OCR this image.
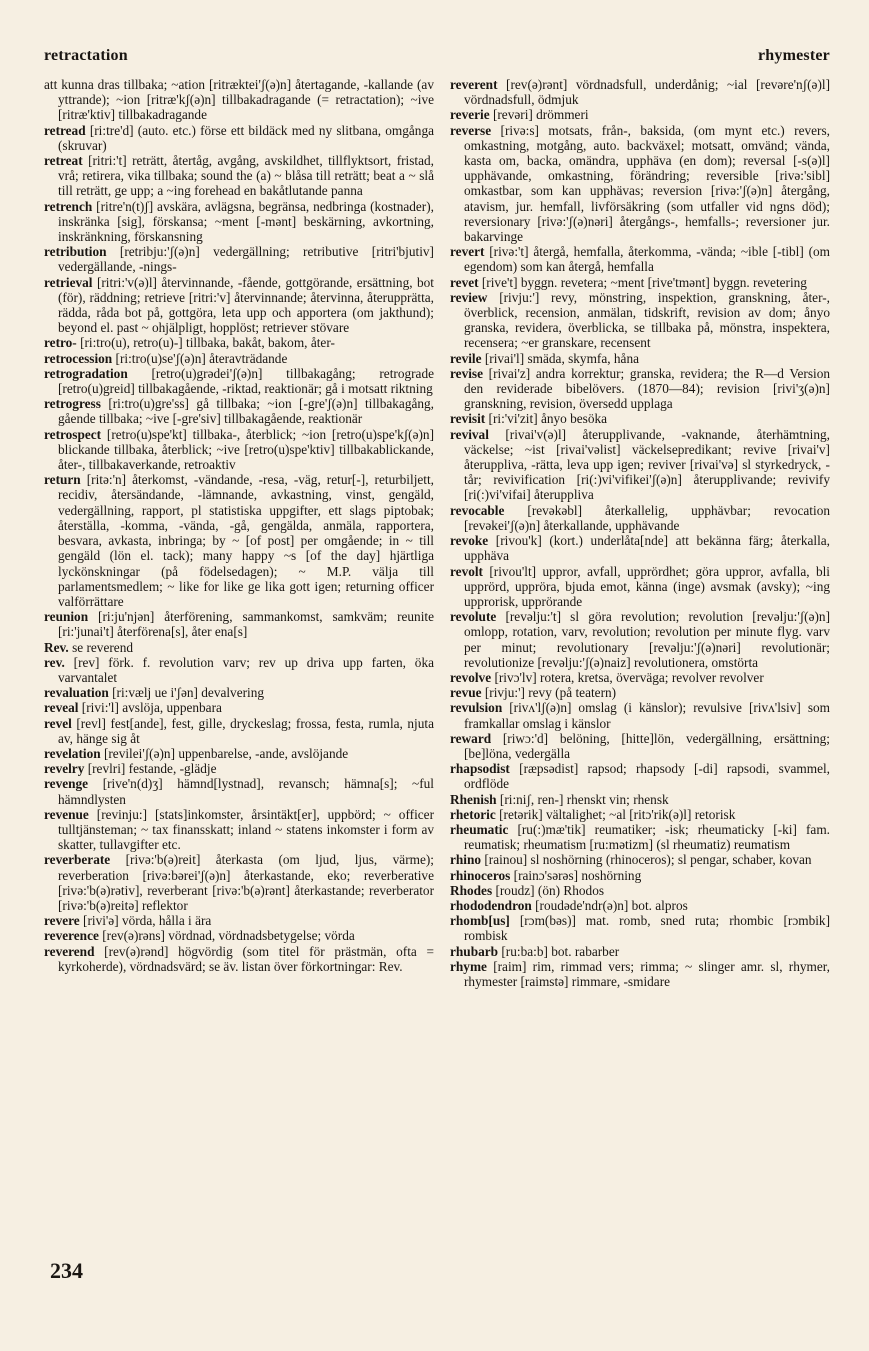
retractation	rhymester
att kunna dras tillbaka; ~ation [ritræktei'ʃ(ə)n] återtagande, -kallande (av yttrande); ~ion [ritræ'kʃ(ə)n] tillbakadragande (= retractation); ~ive [ritræ'ktiv] tillbakadragande
retread [ri:tre'd] (auto. etc.) förse ett bildäck med ny slitbana, omgånga (skruvar)
retreat [ritri:'t] reträtt, återtåg, avgång, avskildhet, tillflyktsort, fristad, vrå; retirera, vika tillbaka; sound the (a) ~ blåsa till reträtt; beat a ~ slå till reträtt, ge upp; a ~ing forehead en bakåtlutande panna
retrench [ritre'n(t)ʃ] avskära, avlägsna, begränsa, nedbringa (kostnader), inskränka [sig], förskansa; ~ment [-mənt] beskärning, avkortning, inskränkning, förskansning
retribution [retribju:'ʃ(ə)n] vedergällning; retributive [ritri'bjutiv] vedergällande, -nings-
retrieval [ritri:'v(ə)l] återvinnande, -fående, gottgörande, ersättning, bot (för), räddning; retrieve [ritri:'v] återvinnande; återvinna, återupprätta, rädda, råda bot på, gottgöra, leta upp och apportera (om jakthund); beyond el. past ~ ohjälpligt, hopplöst; retriever stövare
retro- [ri:tro(u), retro(u)-] tillbaka, bakåt, bakom, åter-
retrocession [ri:tro(u)se'ʃ(ə)n] återavträdande
retrogradation [retro(u)grədei'ʃ(ə)n] tillbakagång; retrograde [retro(u)greid] tillbakagående, -riktad, reaktionär; gå i motsatt riktning
retrogress [ri:tro(u)gre'ss] gå tillbaka; ~ion [-gre'ʃ(ə)n] tillbakagång, gående tillbaka; ~ive [-gre'siv] tillbakagående, reaktionär
retrospect [retro(u)spe'kt] tillbaka-, återblick; ~ion [retro(u)spe'kʃ(ə)n] blickande tillbaka, återblick; ~ive [retro(u)spe'ktiv] tillbakablickande, åter-, tillbakaverkande, retroaktiv
return [ritə:'n] återkomst, -vändande, -resa, -väg, retur[-], returbiljett, recidiv, återsändande, -lämnande, avkastning, vinst, gengäld, vedergällning, rapport, pl statistiska uppgifter, ett slags piptobak; återställa, -komma, -vända, -gå, gengälda, anmäla, rapportera, besvara, avkasta, inbringa; by ~ [of post] per omgående; in ~ till gengäld (lön el. tack); many happy ~s [of the day] hjärtliga lyckönskningar (på födelsedagen); ~ M.P. välja till parlamentsmedlem; ~ like for like ge lika gott igen; returning officer valförrättare
reunion [ri:ju'njən] återförening, sammankomst, samkväm; reunite [ri:'junai't] återförena[s], åter ena[s]
Rev. se reverend
rev. [rev] förk. f. revolution varv; rev up driva upp farten, öka varvantalet
revaluation [ri:vælj ue i'ʃən] devalvering
reveal [rivi:'l] avslöja, uppenbara
revel [revl] fest[ande], fest, gille, dryckeslag; frossa, festa, rumla, njuta av, hänge sig åt
revelation [revilei'ʃ(ə)n] uppenbarelse, -ande, avslöjande
revelry [revlri] festande, -glädje
revenge [rive'n(d)ʒ] hämnd[lystnad], revansch; hämna[s]; ~ful hämndlysten
revenue [revinju:] [stats]inkomster, årsintäkt[er], uppbörd; ~ officer tulltjänsteman; ~ tax finansskatt; inland ~ statens inkomster i form av skatter, tullavgifter etc.
reverberate [rivə:'b(ə)reit] återkasta (om ljud, ljus, värme); reverberation [rivə:bərei'ʃ(ə)n] återkastande, eko; reverberative [rivə:'b(ə)rətiv], reverberant [rivə:'b(ə)rənt] återkastande; reverberator [rivə:'b(ə)reitə] reflektor
revere [rivi'ə] vörda, hålla i ära
reverence [rev(ə)rəns] vördnad, vördnadsbetygelse; vörda
reverend [rev(ə)rənd] högvördig (som titel för prästmän, ofta = kyrkoherde), vördnadsvärd; se äv. listan över förkortningar: Rev.
reverent [rev(ə)rənt] vördnadsfull, underdånig; ~ial [revəre'nʃ(ə)l] vördnadsfull, ödmjuk
reverie [revəri] drömmeri
reverse [rivə:s] motsats, från-, baksida, (om mynt etc.) revers, omkastning, motgång, auto. backväxel; motsatt, omvänd; vända, kasta om, backa, omändra, upphäva (en dom); reversal [-s(ə)l] upphävande, omkastning, förändring; reversible [rivə:'sibl] omkastbar, som kan upphävas; reversion [rivə:'ʃ(ə)n] återgång, atavism, jur. hemfall, livförsäkring (som utfaller vid ngns död); reversionary [rivə:'ʃ(ə)nəri] återgångs-, hemfalls-; reversioner jur. bakarvinge
revert [rivə:'t] återgå, hemfalla, återkomma, -vända; ~ible [-tibl] (om egendom) som kan återgå, hemfalla
revet [rive't] byggn. revetera; ~ment [rive'tmənt] byggn. revetering
review [rivju:'] revy, mönstring, inspektion, granskning, åter-, överblick, recension, anmälan, tidskrift, revision av dom; ånyo granska, revidera, överblicka, se tillbaka på, mönstra, inspektera, recensera; ~er granskare, recensent
revile [rivai'l] smäda, skymfa, håna
revise [rivai'z] andra korrektur; granska, revidera; the R—d Version den reviderade bibelövers. (1870—84); revision [rivi'ʒ(ə)n] granskning, revision, översedd upplaga
revisit [ri:'vi'zit] ånyo besöka
revival [rivai'v(ə)l] återupplivande, -vaknande, återhämtning, väckelse; ~ist [rivai'vəlist] väckelsepredikant; revive [rivai'v] återuppliva, -rätta, leva upp igen; reviver [rivai'və] sl styrkedryck, -tår; revivification [ri(:)vi'vifikei'ʃ(ə)n] återupplivande; revivify [ri(:)vi'vifai] återuppliva
revocable [revəkəbl] återkallelig, upphävbar; revocation [revəkei'ʃ(ə)n] återkallande, upphävande
revoke [rivou'k] (kort.) underlåta[nde] att bekänna färg; återkalla, upphäva
revolt [rivou'lt] uppror, avfall, upprördhet; göra uppror, avfalla, bli upprörd, uppröra, bjuda emot, känna (inge) avsmak (avsky); ~ing upprorisk, upprörande
revolute [revəlju:'t] sl göra revolution; revolution [revəlju:'ʃ(ə)n] omlopp, rotation, varv, revolution; revolution per minute flyg. varv per minut; revolutionary [revəlju:'ʃ(ə)nəri] revolutionär; revolutionize [revəlju:'ʃ(ə)naiz] revolutionera, omstörta
revolve [rivɔ'lv] rotera, kretsa, överväga; revolver revolver
revue [rivju:'] revy (på teatern)
revulsion [rivʌ'lʃ(ə)n] omslag (i känslor); revulsive [rivʌ'lsiv] som framkallar omslag i känslor
reward [riwɔ:'d] belöning, [hitte]lön, vedergällning, ersättning; [be]löna, vedergälla
rhapsodist [ræpsədist] rapsod; rhapsody [-di] rapsodi, svammel, ordflöde
Rhenish [ri:niʃ, ren-] rhenskt vin; rhensk
rhetoric [retərik] vältalighet; ~al [ritɔ'rik(ə)l] retorisk
rheumatic [ru(:)mæ'tik] reumatiker; -isk; rheumaticky [-ki] fam. reumatisk; rheumatism [ru:mətizm] (sl rheumatiz) reumatism
rhino [rainou] sl noshörning (rhinoceros); sl pengar, schaber, kovan
rhinoceros [rainɔ'sərəs] noshörning
Rhodes [roudz] (ön) Rhodos
rhododendron [roudəde'ndr(ə)n] bot. alpros
rhomb[us] [rɔm(bəs)] mat. romb, sned ruta; rhombic [rɔmbik] rombisk
rhubarb [ru:ba:b] bot. rabarber
rhyme [raim] rim, rimmad vers; rimma; ~ slinger amr. sl, rhymer, rhymester [raimstə] rimmare, -smidare
234
